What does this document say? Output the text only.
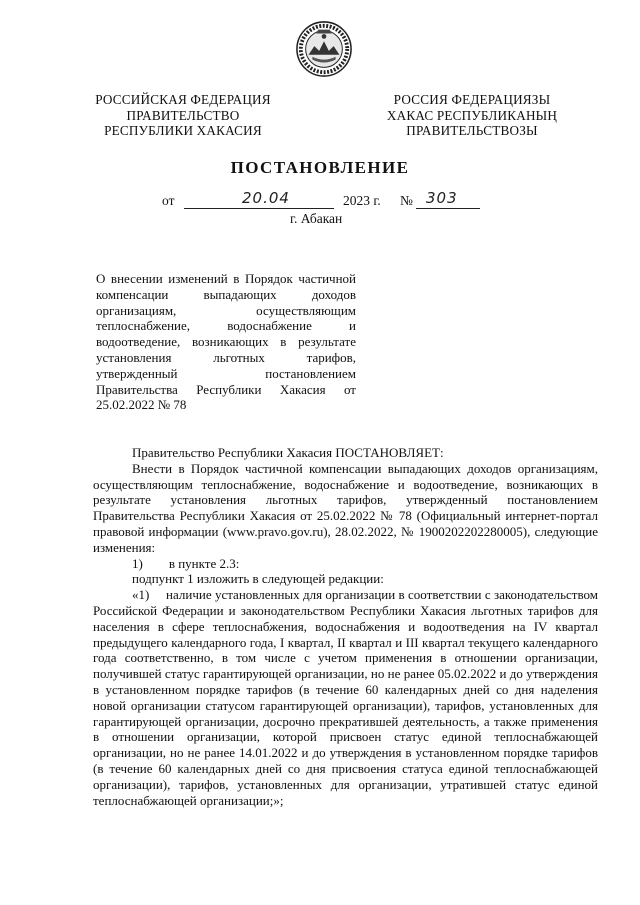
РОССИЙСКАЯ ФЕДЕРАЦИЯ
ПРАВИТЕЛЬСТВО
РЕСПУБЛИКИ ХАКАСИЯ
РОССИЯ ФЕДЕРАЦИЯЗЫ
ХАКАС РЕСПУБЛИКАНЫҢ
ПРАВИТЕЛЬСТВОЗЫ
ПОСТАНОВЛЕНИЕ
от	20.04	2023 г. № 303
г. Абакан

О внесении изменений в Порядок частичной компенсации выпадающих доходов организациям, осуществляющим теплоснабжение, водоснабжение и водоотведение, возникающих в результате установления льготных тарифов, утвержденный постановлением Правительства Республики Хакасия от 25.02.2022 № 78

Правительство Республики Хакасия ПОСТАНОВЛЯЕТ:

Внести в Порядок частичной компенсации выпадающих доходов организациям, осуществляющим теплоснабжение, водоснабжение и водоотведение, возникающих в результате установления льготных тарифов, утвержденный постановлением Правительства Республики Хакасия от 25.02.2022 № 78 (Официальный интернет-портал правовой информации (www.pravo.gov.ru), 28.02.2022, № 1900202202280005), следующие изменения:

1)        в пункте 2.3:

подпункт 1 изложить в следующей редакции:

«1)     наличие установленных для организации в соответствии с законодательством Российской Федерации и законодательством Республики Хакасия льготных тарифов для населения в сфере теплоснабжения, водоснабжения и водоотведения на IV квартал предыдущего календарного года, I квартал, II квартал и III квартал текущего календарного года соответственно, в том числе с учетом применения в отношении организации, получившей статус гарантирующей организации, но не ранее 05.02.2022 и до утверждения в установленном порядке тарифов (в течение 60 календарных дней со дня наделения новой организации статусом гарантирующей организации), тарифов, установленных для гарантирующей организации, досрочно прекратившей деятельность, а также применения в отношении организации, которой присвоен статус единой теплоснабжающей организации, но не ранее 14.01.2022 и до утверждения в установленном порядке тарифов (в течение 60 календарных дней со дня присвоения статуса единой теплоснабжающей организации), тарифов, установленных для организации, утратившей статус единой теплоснабжающей организации;»;
